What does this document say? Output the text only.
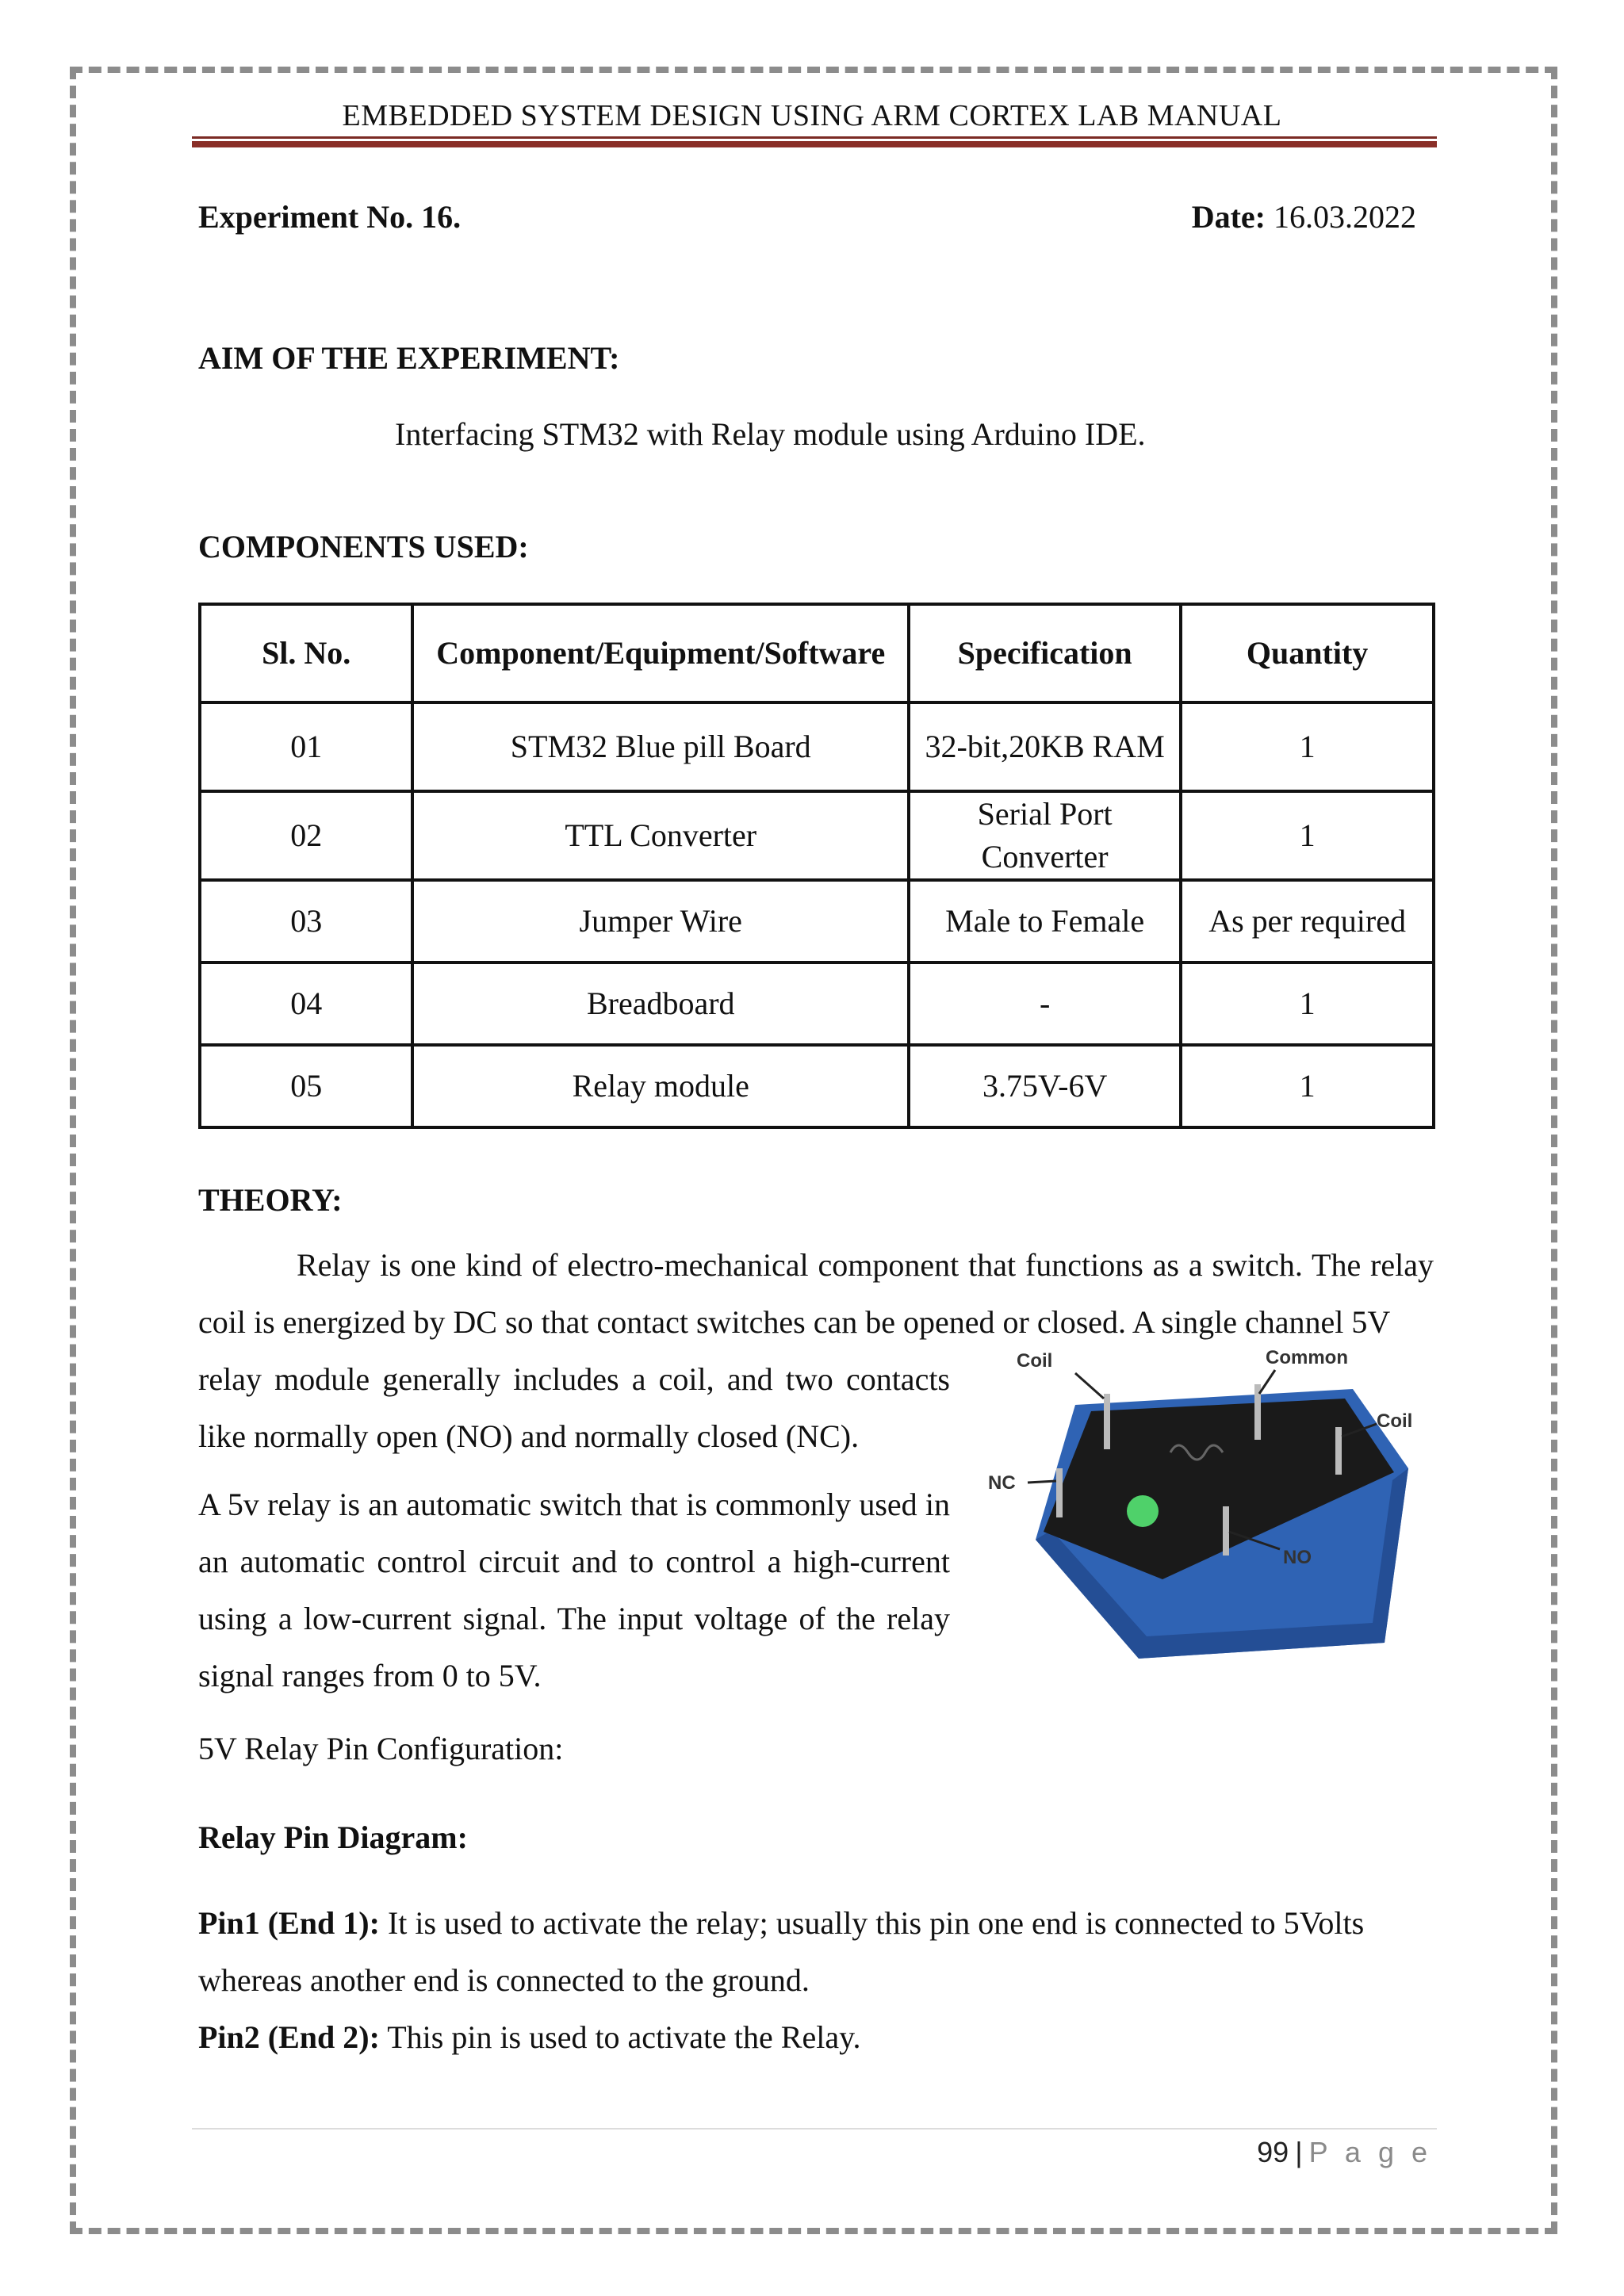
EMBEDDED SYSTEM DESIGN USING ARM CORTEX LAB MANUAL
Experiment No. 16.	Date: 16.03.2022
AIM OF THE EXPERIMENT:
Interfacing STM32 with Relay module using Arduino IDE.
COMPONENTS USED:
Sl. No.	Component/Equipment/Software	Specification	Quantity
01	STM32 Blue pill Board	32-bit,20KB RAM	1
02	TTL Converter	Serial Port Converter	1
03	Jumper Wire	Male to Female	As per required
04	Breadboard	-	1
05	Relay module	3.75V-6V	1
THEORY:
Relay is one kind of electro-mechanical component that functions as a switch. The relay coil is energized by DC so that contact switches can be opened or closed. A single channel 5V
relay module generally includes a coil, and two contacts like normally open (NO) and normally closed (NC).
A 5v relay is an automatic switch that is commonly used in an automatic control circuit and to control a high-current using a low-current signal. The input voltage of the relay signal ranges from 0 to 5V.
Coil	Common
Coil
NC
NO
5V Relay Pin Configuration:
Relay Pin Diagram:
Pin1 (End 1): It is used to activate the relay; usually this pin one end is connected to 5Volts whereas another end is connected to the ground.
Pin2 (End 2): This pin is used to activate the Relay.
99 | P a g e
